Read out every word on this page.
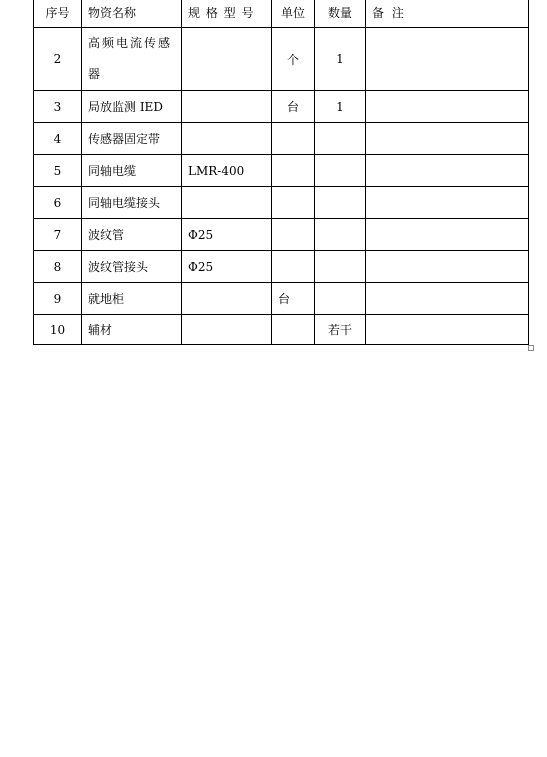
序号	物资名称	规 格 型 号	单位	数量	备 注
2	高频电流传感器		个	1	
3	局放监测 IED		台	1	
4	传感器固定带				
5	同轴电缆	LMR-400			
6	同轴电缆接头				
7	波纹管	Φ25			
8	波纹管接头	Φ25			
9	就地柜		台		
10	辅材			若干	
